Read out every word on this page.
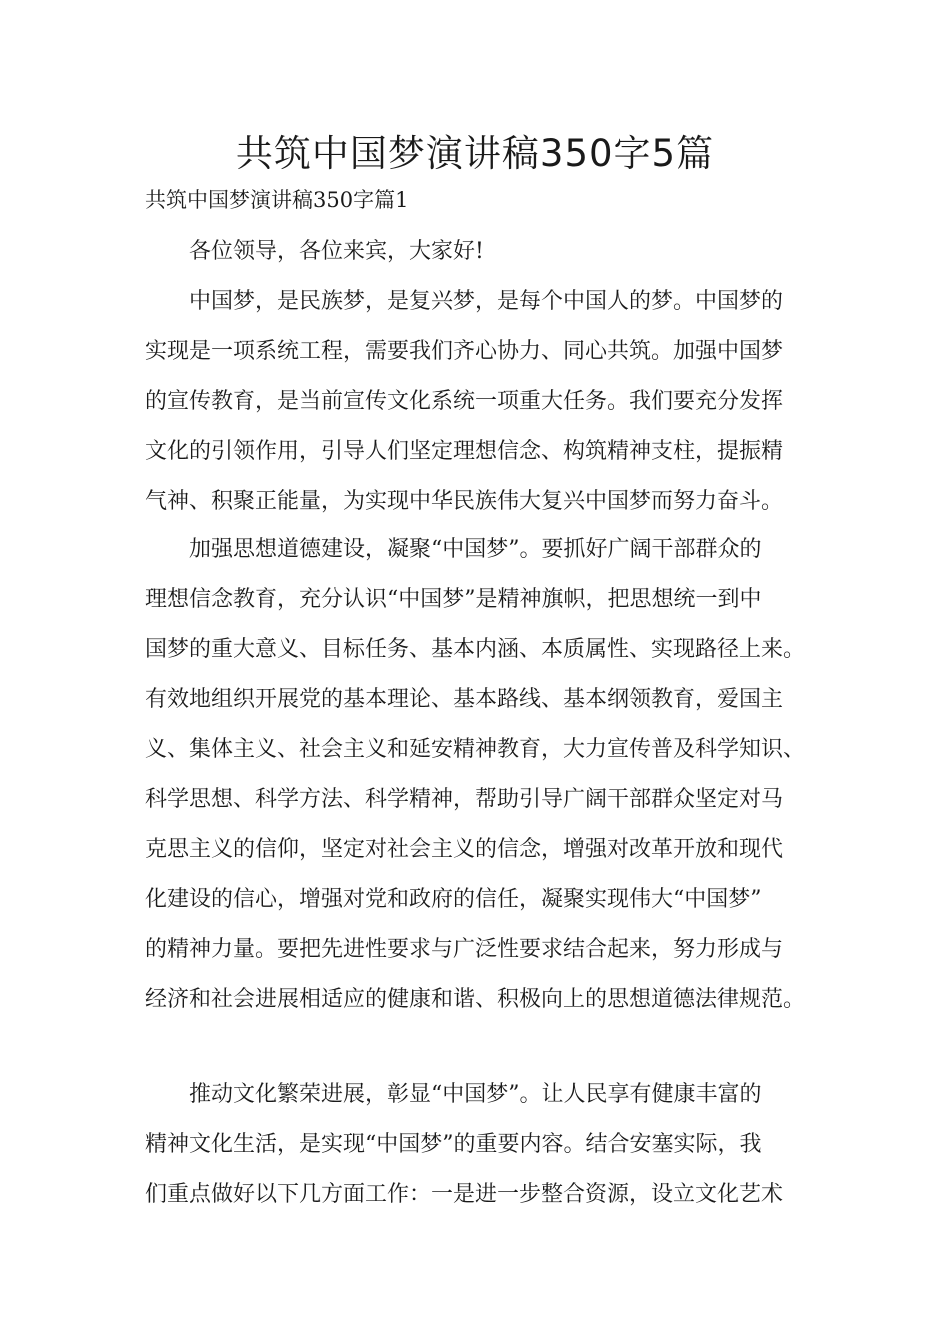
共筑中国梦演讲稿350字5篇

共筑中国梦演讲稿350字篇1

各位领导，各位来宾，大家好!

中国梦，是民族梦，是复兴梦，是每个中国人的梦。中国梦的
实现是一项系统工程，需要我们齐心协力、同心共筑。加强中国梦
的宣传教育，是当前宣传文化系统一项重大任务。我们要充分发挥
文化的引领作用，引导人们坚定理想信念、构筑精神支柱，提振精
气神、积聚正能量，为实现中华民族伟大复兴中国梦而努力奋斗。

加强思想道德建设，凝聚“中国梦”。要抓好广阔干部群众的
理想信念教育，充分认识“中国梦”是精神旗帜，把思想统一到中
国梦的重大意义、目标任务、基本内涵、本质属性、实现路径上来。
有效地组织开展党的基本理论、基本路线、基本纲领教育，爱国主
义、集体主义、社会主义和延安精神教育，大力宣传普及科学知识、
科学思想、科学方法、科学精神，帮助引导广阔干部群众坚定对马
克思主义的信仰，坚定对社会主义的信念，增强对改革开放和现代
化建设的信心，增强对党和政府的信任，凝聚实现伟大“中国梦”
的精神力量。要把先进性要求与广泛性要求结合起来，努力形成与
经济和社会进展相适应的健康和谐、积极向上的思想道德法律规范。

推动文化繁荣进展，彰显“中国梦”。让人民享有健康丰富的
精神文化生活，是实现“中国梦”的重要内容。结合安塞实际，我
们重点做好以下几方面工作：一是进一步整合资源，设立文化艺术
